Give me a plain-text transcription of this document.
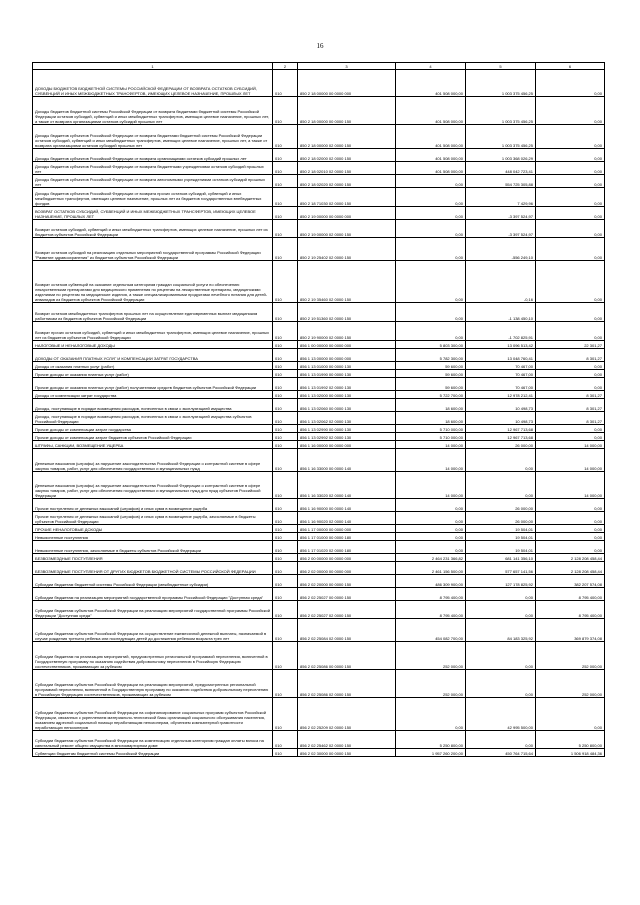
16
1	2	3	4	5	6
ДОХОДЫ БЮДЖЕТОВ БЮДЖЕТНОЙ СИСТЕМЫ РОССИЙСКОЙ ФЕДЕРАЦИИ ОТ ВОЗВРАТА ОСТАТКОВ СУБСИДИЙ, СУБВЕНЦИЙ И ИНЫХ МЕЖБЮДЖЕТНЫХ ТРАНСФЕРТОВ, ИМЕЮЩИХ ЦЕЛЕВОЕ НАЗНАЧЕНИЕ, ПРОШЛЫХ ЛЕТ	010	850 2 18 00000 00 0000 000	401 508 000,00	1 003 375 456,25	0,00
Доходы бюджетов бюджетной системы Российской Федерации от возврата бюджетами бюджетной системы Российской Федерации остатков субсидий, субвенций и иных межбюджетных трансфертов, имеющих целевое назначение, прошлых лет, а также от возврата организациями остатков субсидий прошлых лет	010	850 2 18 00000 00 0000 150	401 508 000,00	1 003 375 456,25	0,00
Доходы бюджетов субъектов Российской Федерации от возврата бюджетами бюджетной системы Российской Федерации остатков субсидий, субвенций и иных межбюджетных трансфертов, имеющих целевое назначение, прошлых лет, а также от возврата организациями остатков субсидий прошлых лет	010	850 2 18 00000 02 0000 150	401 508 000,00	1 003 375 456,25	0,00
Доходы бюджетов субъектов Российской Федерации от возврата организациями остатков субсидий прошлых лет	010	850 2 18 02000 02 0000 150	401 508 000,00	1 003 368 026,29	0,00
Доходы бюджетов субъектов Российской Федерации от возврата бюджетными учреждениями остатков субсидий прошлых лет	010	850 2 18 02010 02 0000 150	401 508 000,00	448 042 723,41	0,00
Доходы бюджетов субъектов Российской Федерации от возврата автономными учреждениями остатков субсидий прошлых лет	010	850 2 18 02020 02 0000 150	0,00	554 725 305,88	0,00
Доходы бюджетов субъектов Российской Федерации от возврата прочих остатков субсидий, субвенций и иных межбюджетных трансфертов, имеющих целевое назначение, прошлых лет из бюджетов государственных внебюджетных фондов	010	850 2 18 71030 02 0000 150	0,00	7 429,96	0,00
ВОЗВРАТ ОСТАТКОВ СУБСИДИЙ, СУБВЕНЦИЙ И ИНЫХ МЕЖБЮДЖЕТНЫХ ТРАНСФЕРТОВ, ИМЕЮЩИХ ЦЕЛЕВОЕ НАЗНАЧЕНИЕ, ПРОШЛЫХ ЛЕТ	010	850 2 19 00000 00 0000 000	0,00	-3 397 524,97	0,00
Возврат остатков субсидий, субвенций и иных межбюджетных трансфертов, имеющих целевое назначение, прошлых лет из бюджетов субъектов Российской Федерации	010	850 2 19 00000 02 0000 150	0,00	-3 397 524,97	0,00
Возврат остатков субсидий на реализацию отдельных мероприятий государственной программы Российской Федерации "Развитие здравоохранения" из бюджетов субъектов Российской Федерации	010	850 2 19 25402 02 0000 150	0,00	-556 249,10	0,00
Возврат остатков субвенций на оказание отдельным категориям граждан социальной услуги по обеспечению лекарственными препаратами для медицинского применения по рецептам на лекарственные препараты, медицинскими изделиями по рецептам на медицинские изделия, а также специализированными продуктами лечебного питания для детей-инвалидов из бюджетов субъектов Российской Федерации	010	850 2 19 35460 02 0000 150	0,00	-0,16	0,00
Возврат остатков межбюджетных трансфертов прошлых лет на осуществление единовременных выплат медицинским работникам из бюджетов субъектов Российской Федерации	010	850 2 19 51360 02 0000 150	0,00	-1 138 450,10	0,00
Возврат прочих остатков субсидий, субвенций и иных межбюджетных трансфертов, имеющих целевое назначение, прошлых лет из бюджетов субъектов Российской Федерации	010	850 2 19 90000 02 0000 150	0,00	-1 702 825,91	0,00
НАЛОГОВЫЕ И НЕНАЛОГОВЫЕ ДОХОДЫ	010	856 1 00 00000 00 0000 000	5 803 300,00	13 096 513,42	22 301,27
ДОХОДЫ ОТ ОКАЗАНИЯ ПЛАТНЫХ УСЛУГ И КОМПЕНСАЦИИ ЗАТРАТ ГОСУДАРСТВА	010	856 1 13 00000 00 0000 000	5 782 300,00	13 048 760,41	8 301,27
Доходы от оказания платных услуг (работ)	010	856 1 13 01000 00 0000 130	59 600,00	70 467,00	0,00
Прочие доходы от оказания платных услуг (работ)	010	856 1 13 01990 00 0000 130	59 600,00	70 467,00	0,00
Прочие доходы от оказания платных услуг (работ) получателями средств бюджетов субъектов Российской Федерации	010	856 1 13 01992 02 0000 130	59 600,00	70 467,00	0,00
Доходы от компенсации затрат государства	010	856 1 13 02000 00 0000 130	5 722 700,00	12 978 212,41	8 301,27
Доходы, поступающие в порядке возмещения расходов, понесенных в связи с эксплуатацией имущества	010	856 1 13 02060 00 0000 130	18 600,00	10 498,73	8 301,27
Доходы, поступающие в порядке возмещения расходов, понесенных в связи с эксплуатацией имущества субъектов Российской Федерации	010	856 1 13 02062 02 0000 130	18 600,00	10 498,73	8 301,27
Прочие доходы от компенсации затрат государства	010	856 1 13 02990 00 0000 130	5 710 000,00	12 967 713,68	0,00
Прочие доходы от компенсации затрат бюджетов субъектов Российской Федерации	010	856 1 13 02992 02 0000 130	5 710 000,00	12 967 713,68	0,00
ШТРАФЫ, САНКЦИИ, ВОЗМЕЩЕНИЕ УЩЕРБА	010	856 1 16 00000 00 0000 000	14 000,00	26 000,00	14 000,00
Денежные взыскания (штрафы) за нарушение законодательства Российской Федерации о контрактной системе в сфере закупок товаров, работ, услуг для обеспечения государственных и муниципальных нужд	010	856 1 16 33000 00 0000 140	14 000,00	0,00	14 000,00
Денежные взыскания (штрафы) за нарушение законодательства Российской Федерации о контрактной системе в сфере закупок товаров, работ, услуг для обеспечения государственных и муниципальных нужд для нужд субъектов Российской Федерации	010	856 1 16 33020 02 0000 140	14 000,00	0,00	14 000,00
Прочие поступления от денежных взысканий (штрафов) и иных сумм в возмещение ущерба	010	856 1 16 90000 00 0000 140	0,00	26 000,00	0,00
Прочие поступления от денежных взысканий (штрафов) и иных сумм в возмещение ущерба, зачисляемые в бюджеты субъектов Российской Федерации	010	856 1 16 90020 02 0000 140	0,00	26 000,00	0,00
ПРОЧИЕ НЕНАЛОГОВЫЕ ДОХОДЫ	010	856 1 17 00000 00 0000 000	0,00	19 504,01	0,00
Невыясненные поступления	010	856 1 17 01000 00 0000 180	0,00	19 504,01	0,00
Невыясненные поступления, зачисляемые в бюджеты субъектов Российской Федерации	010	856 1 17 01020 02 0000 180	0,00	19 504,01	0,00
БЕЗВОЗМЕЗДНЫЕ ПОСТУПЛЕНИЯ	010	856 2 00 00000 00 0000 000	2 464 231 366,82	681 141 356,10	2 128 208 458,44
БЕЗВОЗМЕЗДНЫЕ ПОСТУПЛЕНИЯ ОТ ДРУГИХ БЮДЖЕТОВ БЮДЖЕТНОЙ СИСТЕМЫ РОССИЙСКОЙ ФЕДЕРАЦИИ	010	856 2 02 00000 00 0000 000	2 461 156 500,00	577 657 141,56	2 128 208 458,44
Субсидии бюджетам бюджетной системы Российской Федерации (межбюджетные субсидии)	010	856 2 02 20000 00 0000 150	486 309 900,00	127 178 825,92	382 207 574,08
Субсидии бюджетам на реализацию мероприятий государственной программы Российской Федерации "Доступная среда"	010	856 2 02 25027 00 0000 150	8 795 400,00	0,00	8 795 400,00
Субсидии бюджетам субъектов Российской Федерации на реализацию мероприятий государственной программы Российской Федерации "Доступная среда"	010	856 2 02 25027 02 0000 150	8 795 400,00	0,00	8 795 400,00
Субсидии бюджетам субъектов Российской Федерации на осуществление ежемесячной денежной выплаты, назначаемой в случае рождения третьего ребенка или последующих детей до достижения ребенком возраста трех лет	010	856 2 02 25084 02 0000 150	454 082 700,00	84 183 325,92	369 879 374,08
Субсидии бюджетам на реализацию мероприятий, предусмотренных региональной программой переселения, включенной в Государственную программу по оказанию содействия добровольному переселению в Российскую Федерацию соотечественников, проживающих за рубежом	010	856 2 02 25086 00 0000 150	252 000,00	0,00	252 000,00
Субсидии бюджетам субъектов Российской Федерации на реализацию мероприятий, предусмотренных региональной программой переселения, включенной в Государственную программу по оказанию содействия добровольному переселению в Российскую Федерацию соотечественников, проживающих за рубежом	010	856 2 02 25086 02 0000 150	252 000,00	0,00	252 000,00
Субсидии бюджетам субъектов Российской Федерации на софинансирование социальных программ субъектов Российской Федерации, связанных с укреплением материально-технической базы организаций социального обслуживания населения, оказанием адресной социальной помощи неработающим пенсионерам, обучением компьютерной грамотности неработающих пенсионеров	010	856 2 02 25209 02 0000 150	0,00	42 995 500,00	0,00
Субсидии бюджетам субъектов Российской Федерации на компенсацию отдельным категориям граждан оплаты взноса на капитальный ремонт общего имущества в многоквартирном доме	010	856 2 02 25462 02 0000 150	5 250 800,00	0,00	5 250 800,00
Субвенции бюджетам бюджетной системы Российской Федерации	010	856 2 02 30000 00 0000 150	1 957 260 200,00	450 764 715,64	1 506 918 484,36
